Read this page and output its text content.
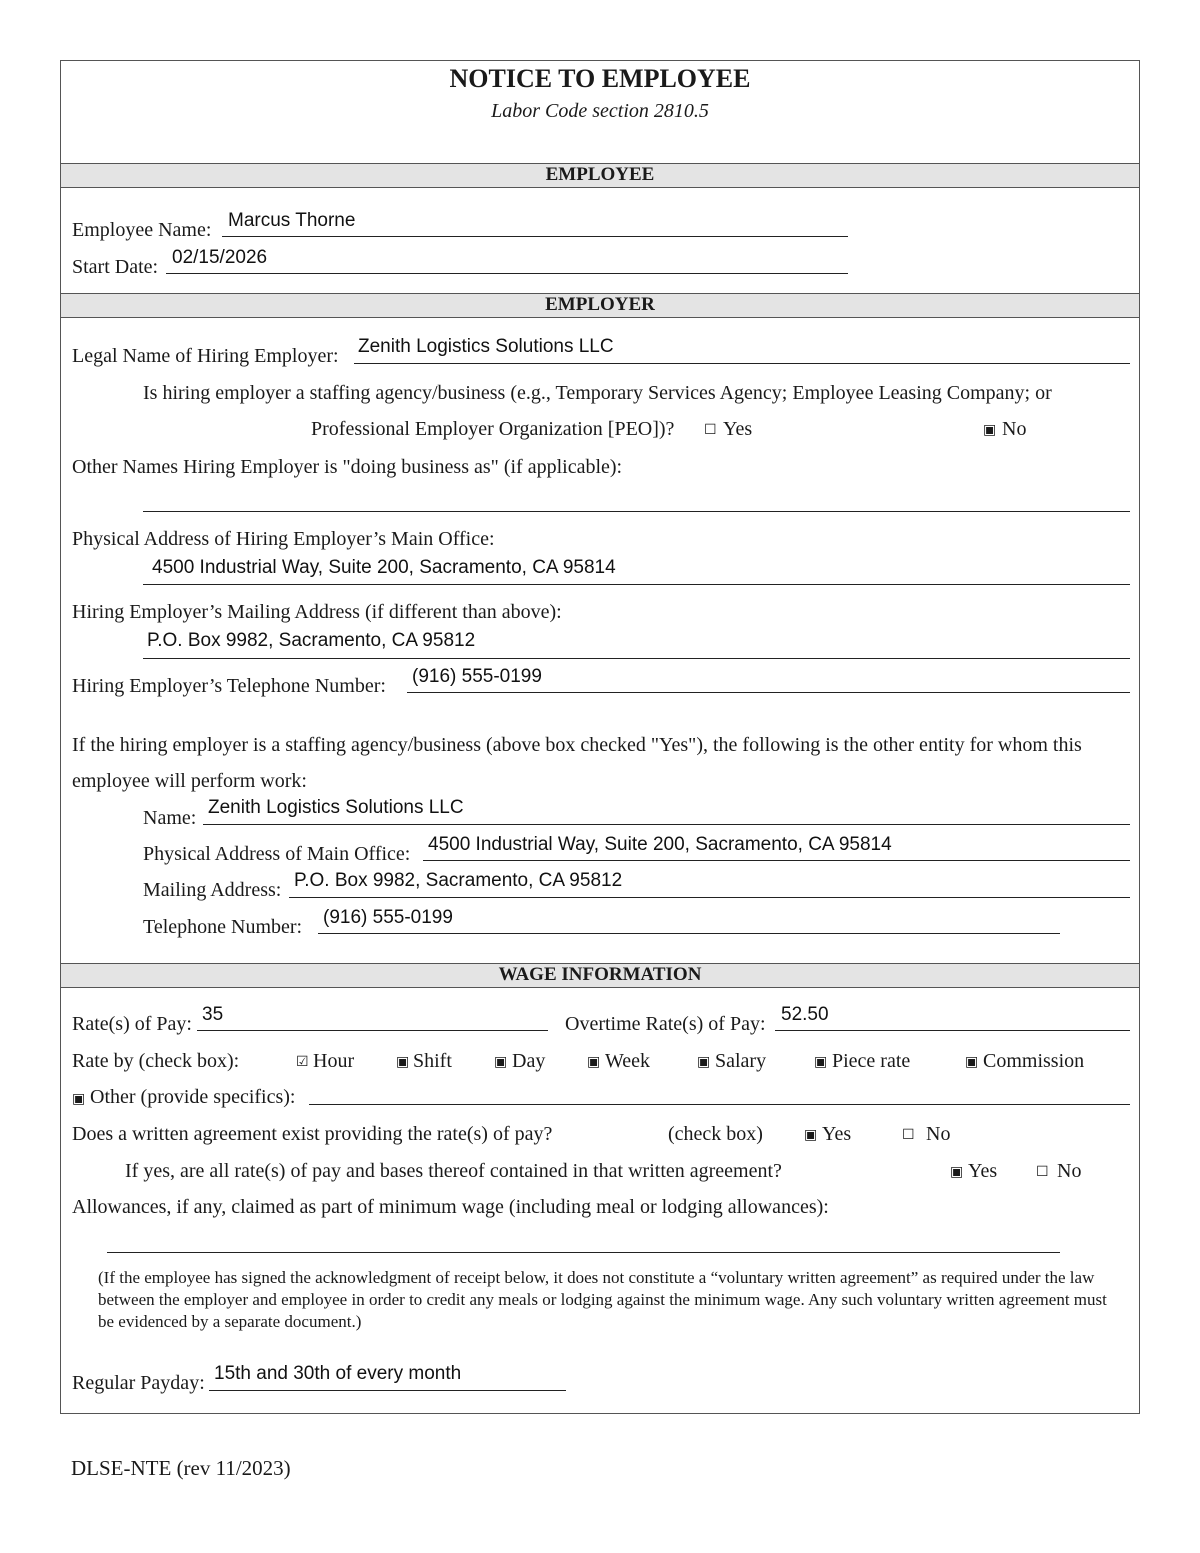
NOTICE TO EMPLOYEE
Labor Code section 2810.5
EMPLOYEE
Employee Name: Marcus Thorne
Start Date: 02/15/2026
EMPLOYER
Legal Name of Hiring Employer: Zenith Logistics Solutions LLC
Is hiring employer a staffing agency/business (e.g., Temporary Services Agency; Employee Leasing Company; or
Professional Employer Organization [PEO])? ☐ Yes	▣ No
Other Names Hiring Employer is "doing business as" (if applicable):
Physical Address of Hiring Employer’s Main Office:
4500 Industrial Way, Suite 200, Sacramento, CA 95814
Hiring Employer’s Mailing Address (if different than above):
P.O. Box 9982, Sacramento, CA 95812
Hiring Employer’s Telephone Number: (916) 555-0199
If the hiring employer is a staffing agency/business (above box checked "Yes"), the following is the other entity for whom this
employee will perform work:
Name: Zenith Logistics Solutions LLC
Physical Address of Main Office: 4500 Industrial Way, Suite 200, Sacramento, CA 95814
Mailing Address: P.O. Box 9982, Sacramento, CA 95812
Telephone Number: (916) 555-0199
WAGE INFORMATION
Rate(s) of Pay: 35	Overtime Rate(s) of Pay: 52.50
Rate by (check box):	☑ Hour	▣ Shift	▣ Day	▣ Week	▣ Salary	▣ Piece rate	▣ Commission
▣ Other (provide specifics):
Does a written agreement exist providing the rate(s) of pay?	(check box)	▣ Yes	☐ No
If yes, are all rate(s) of pay and bases thereof contained in that written agreement?	▣ Yes	☐ No
Allowances, if any, claimed as part of minimum wage (including meal or lodging allowances):
(If the employee has signed the acknowledgment of receipt below, it does not constitute a “voluntary written agreement” as required under the law between the employer and employee in order to credit any meals or lodging against the minimum wage. Any such voluntary written agreement must be evidenced by a separate document.)
Regular Payday: 15th and 30th of every month
DLSE-NTE (rev 11/2023)
